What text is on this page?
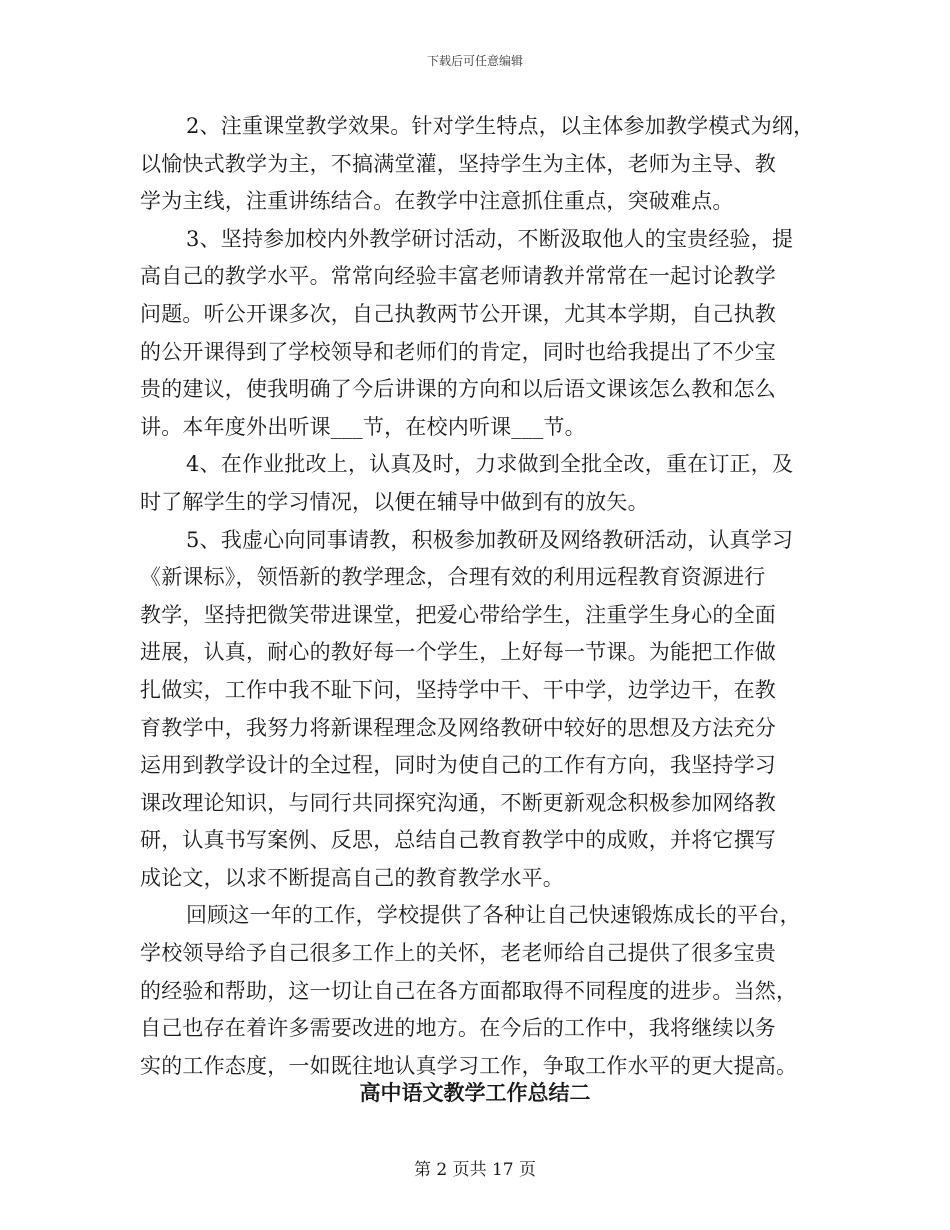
下载后可任意编辑
2、注重课堂教学效果。针对学生特点，以主体参加教学模式为纲，
以愉快式教学为主，不搞满堂灌，坚持学生为主体，老师为主导、教
学为主线，注重讲练结合。在教学中注意抓住重点，突破难点。
3、坚持参加校内外教学研讨活动，不断汲取他人的宝贵经验，提
高自己的教学水平。常常向经验丰富老师请教并常常在一起讨论教学
问题。听公开课多次，自己执教两节公开课，尤其本学期，自己执教
的公开课得到了学校领导和老师们的肯定，同时也给我提出了不少宝
贵的建议，使我明确了今后讲课的方向和以后语文课该怎么教和怎么
讲。本年度外出听课___节，在校内听课___节。
4、在作业批改上，认真及时，力求做到全批全改，重在订正，及
时了解学生的学习情况，以便在辅导中做到有的放矢。
5、我虚心向同事请教，积极参加教研及网络教研活动，认真学习
《新课标》，领悟新的教学理念，合理有效的利用远程教育资源进行
教学，坚持把微笑带进课堂，把爱心带给学生，注重学生身心的全面
进展，认真，耐心的教好每一个学生，上好每一节课。为能把工作做
扎做实，工作中我不耻下问，坚持学中干、干中学，边学边干，在教
育教学中，我努力将新课程理念及网络教研中较好的思想及方法充分
运用到教学设计的全过程，同时为使自己的工作有方向，我坚持学习
课改理论知识，与同行共同探究沟通，不断更新观念积极参加网络教
研，认真书写案例、反思，总结自己教育教学中的成败，并将它撰写
成论文，以求不断提高自己的教育教学水平。
回顾这一年的工作，学校提供了各种让自己快速锻炼成长的平台，
学校领导给予自己很多工作上的关怀，老老师给自己提供了很多宝贵
的经验和帮助，这一切让自己在各方面都取得不同程度的进步。当然，
自己也存在着许多需要改进的地方。在今后的工作中，我将继续以务
实的工作态度，一如既往地认真学习工作，争取工作水平的更大提高。
高中语文教学工作总结二
第 2 页共 17 页
